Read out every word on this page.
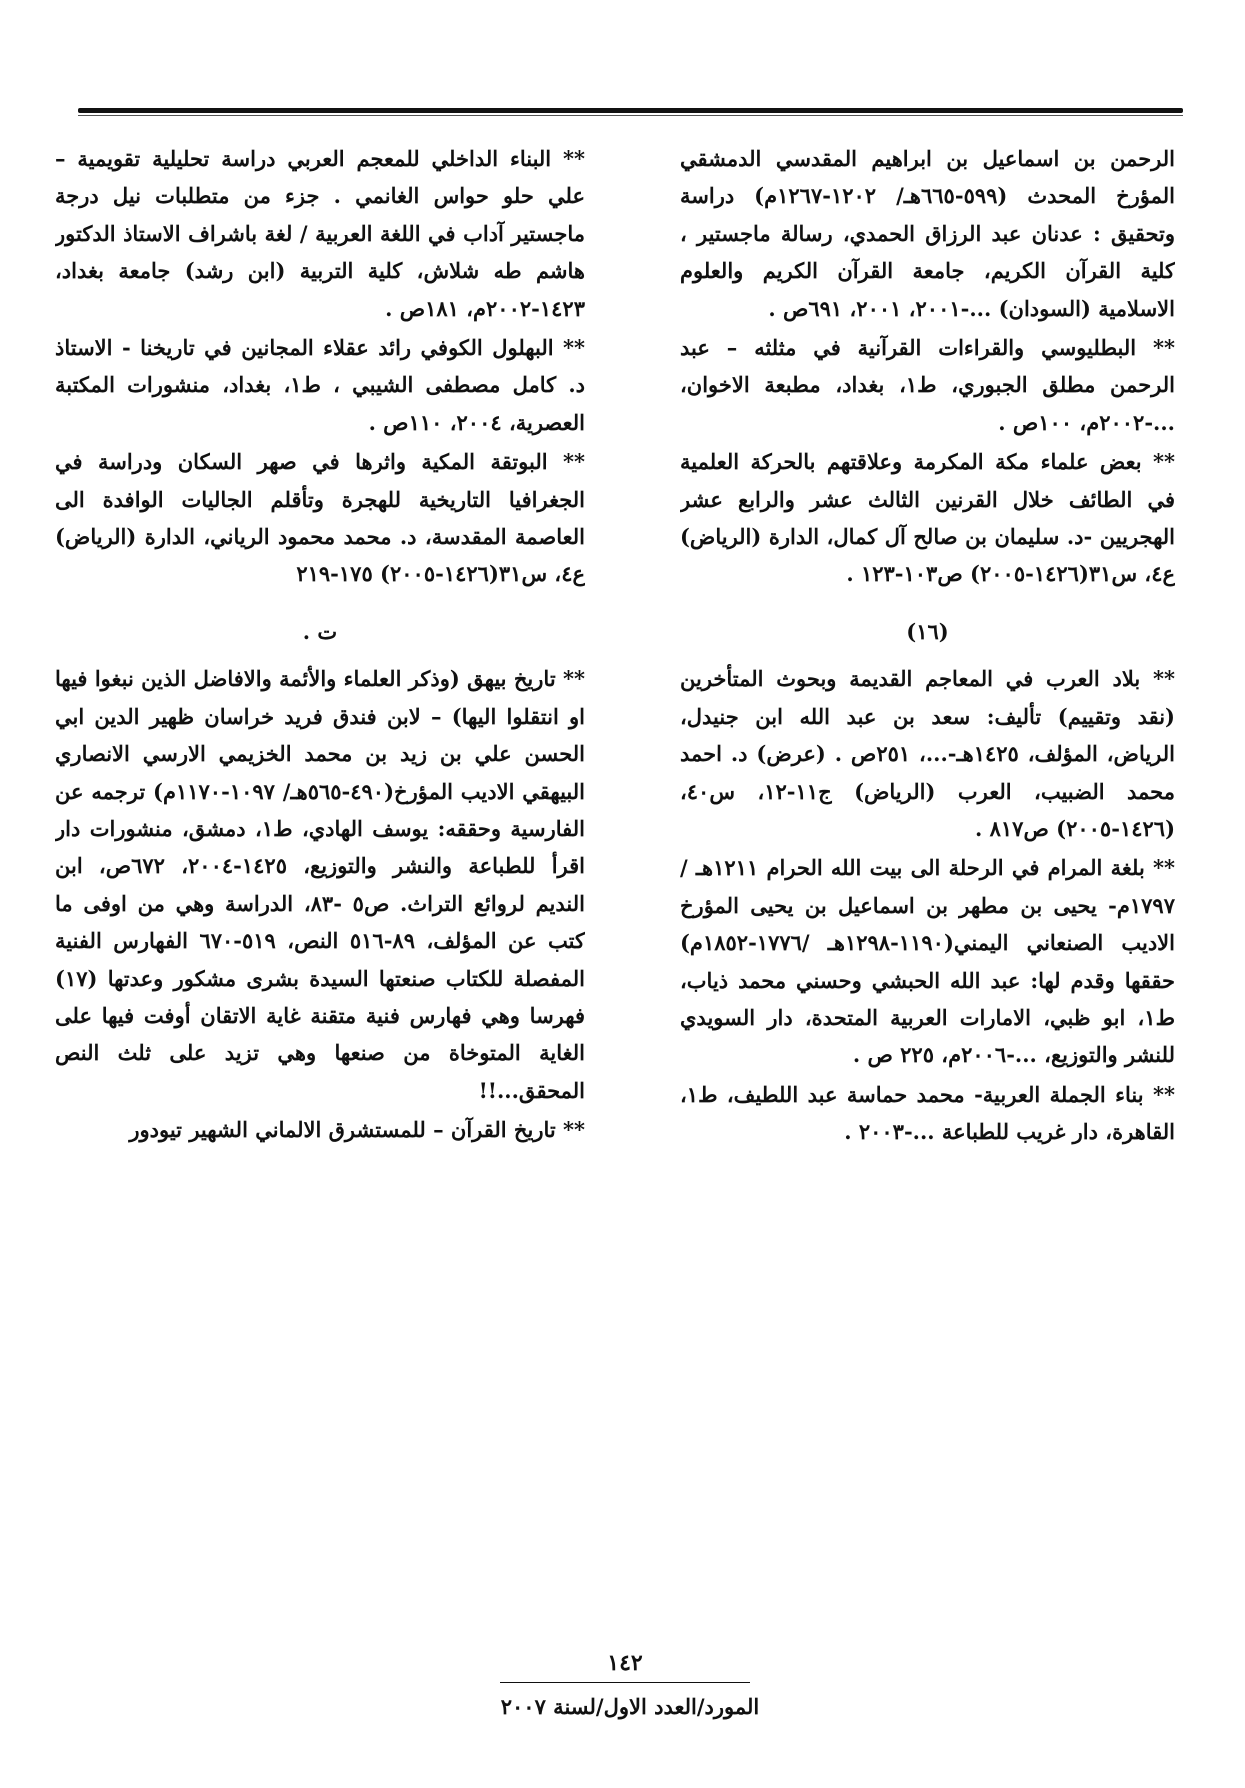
الرحمن بن اسماعيل بن ابراهيم المقدسي الدمشقي المؤرخ المحدث (٥٩٩-٦٦٥هـ/ ١٢٠٢-١٢٦٧م) دراسة وتحقيق : عدنان عبد الرزاق الحمدي، رسالة ماجستير ، كلية القرآن الكريم، جامعة القرآن الكريم والعلوم الاسلامية (السودان) ...-٢٠٠١، ٢٠٠١، ٦٩١ص .

** البطليوسي والقراءات القرآنية في مثلثه – عبد الرحمن مطلق الجبوري، ط١، بغداد، مطبعة الاخوان، ...-٢٠٠٢م، ١٠٠ص .

** بعض علماء مكة المكرمة وعلاقتهم بالحركة العلمية في الطائف خلال القرنين الثالث عشر والرابع عشر الهجريين -د. سليمان بن صالح آل كمال، الدارة (الرياض) ع٤، س٣١(١٤٢٦-٢٠٠٥) ص١٠٣-١٢٣ .

(١٦)

** بلاد العرب في المعاجم القديمة وبحوث المتأخرين (نقد وتقييم) تأليف: سعد بن عبد الله ابن جنيدل، الرياض، المؤلف، ١٤٢٥هـ-...، ٢٥١ص . (عرض) د. احمد محمد الضبيب، العرب (الرياض) ج١١-١٢، س٤٠، (١٤٢٦-٢٠٠٥) ص٨١٧ .

** بلغة المرام في الرحلة الى بيت الله الحرام ١٢١١هـ / ١٧٩٧م- يحيى بن مطهر بن اسماعيل بن يحيى المؤرخ الاديب الصنعاني اليمني(١١٩٠-١٢٩٨هـ /١٧٧٦-١٨٥٢م) حققها وقدم لها: عبد الله الحبشي وحسني محمد ذياب، ط١، ابو ظبي، الامارات العربية المتحدة، دار السويدي للنشر والتوزيع، ...-٢٠٠٦م، ٢٢٥ ص .

** بناء الجملة العربية- محمد حماسة عبد اللطيف، ط١، القاهرة، دار غريب للطباعة ...-٢٠٠٣ .

** البناء الداخلي للمعجم العربي دراسة تحليلية تقويمية – علي حلو حواس الغانمي . جزء من متطلبات نيل درجة ماجستير آداب في اللغة العربية / لغة باشراف الاستاذ الدكتور هاشم طه شلاش، كلية التربية (ابن رشد) جامعة بغداد، ١٤٢٣-٢٠٠٢م، ١٨١ص .

** البهلول الكوفي رائد عقلاء المجانين في تاريخنا - الاستاذ د. كامل مصطفى الشيبي ، ط١، بغداد، منشورات المكتبة العصرية، ٢٠٠٤، ١١٠ص .

** البوتقة المكية واثرها في صهر السكان ودراسة في الجغرافيا التاريخية للهجرة وتأقلم الجاليات الوافدة الى العاصمة المقدسة، د. محمد محمود الرياني، الدارة (الرياض) ع٤، س٣١(١٤٢٦-٢٠٠٥) ١٧٥-٢١٩

ت .

** تاريخ بيهق (وذكر العلماء والأئمة والافاضل الذين نبغوا فيها او انتقلوا اليها) – لابن فندق فريد خراسان ظهير الدين ابي الحسن علي بن زيد بن محمد الخزيمي الارسي الانصاري البيهقي الاديب المؤرخ(٤٩٠-٥٦٥هـ/ ١٠٩٧-١١٧٠م) ترجمه عن الفارسية وحققه: يوسف الهادي، ط١، دمشق، منشورات دار اقرأ للطباعة والنشر والتوزيع، ١٤٢٥-٢٠٠٤، ٦٧٢ص، ابن النديم لروائع التراث. ص٥ -٨٣، الدراسة وهي من اوفى ما كتب عن المؤلف، ٨٩-٥١٦ النص، ٥١٩-٦٧٠ الفهارس الفنية المفصلة للكتاب صنعتها السيدة بشرى مشكور وعدتها (١٧) فهرسا وهي فهارس فنية متقنة غاية الاتقان أوفت فيها على الغاية المتوخاة من صنعها وهي تزيد على ثلث النص المحقق...!!

** تاريخ القرآن – للمستشرق الالماني الشهير تيودور

١٤٢
المورد/العدد الاول/لسنة ٢٠٠٧
